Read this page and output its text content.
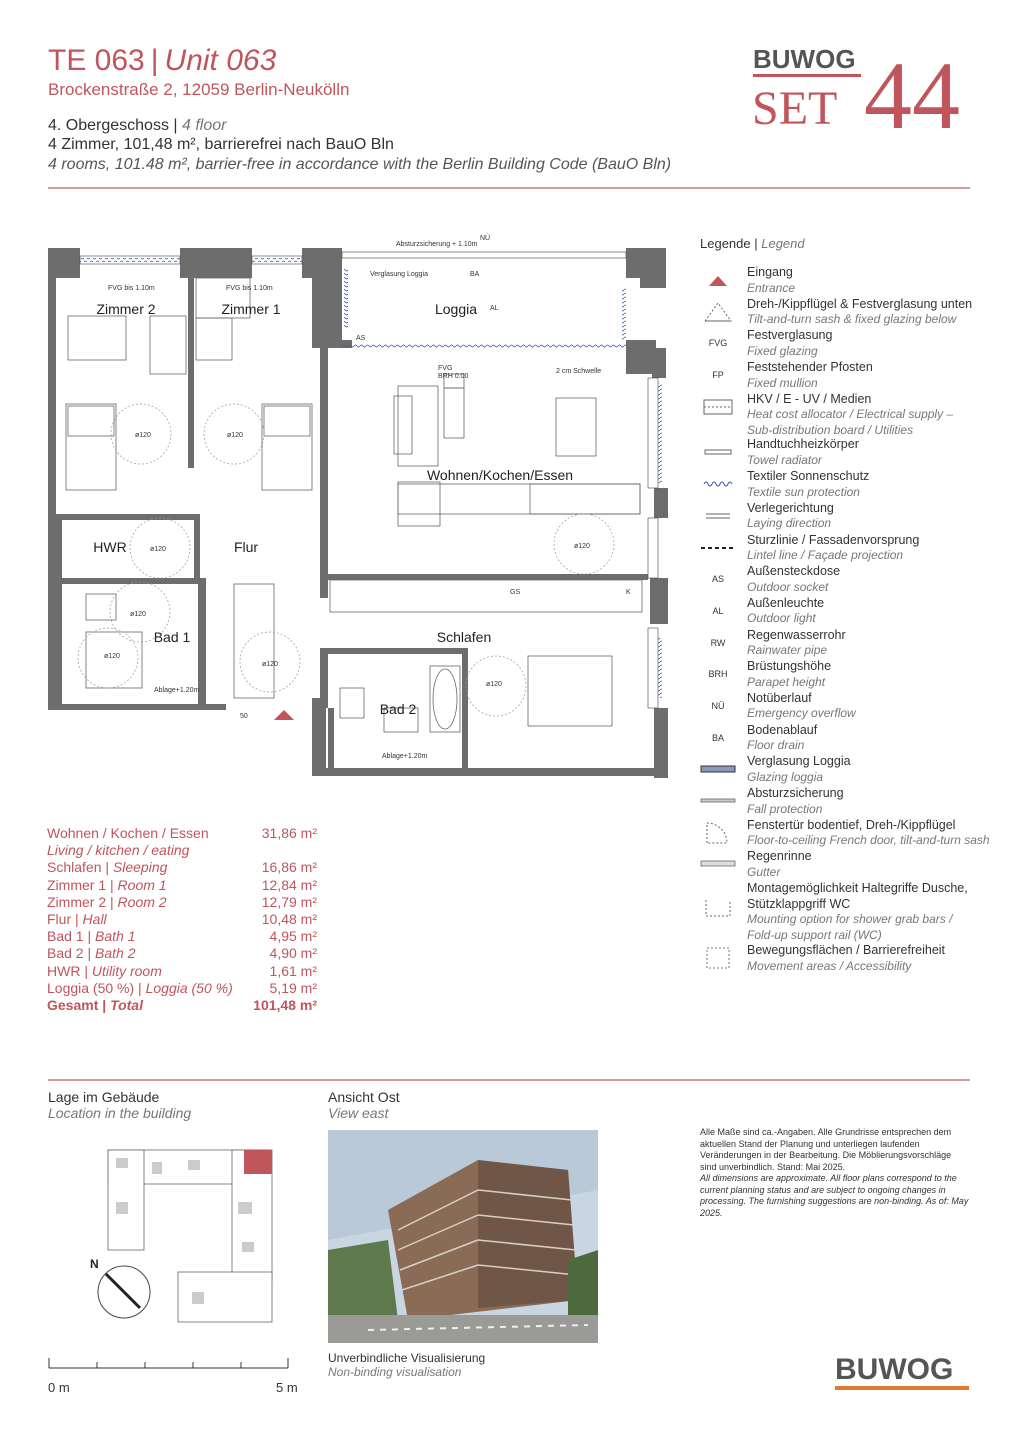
TE 063 | Unit 063
Brockenstraße 2, 12059 Berlin-Neukölln
4. Obergeschoss | 4 floor
4 Zimmer, 101,48 m², barrierefrei nach BauO Bln
4 rooms, 101.48 m², barrier-free in accordance with the Berlin Building Code (BauO Bln)
BUWOG
SET 44
Zimmer 2	Zimmer 1	Loggia
Wohnen/Kochen/Essen
HWR	Flur
Bad 1	Schlafen
Bad 2
FVG bis 1.10m	FVG bis 1.10m
FVG
BRH 0.00
Absturzsicherung + 1.10m
NÜ
Verglasung Loggia	BA
AL
AS
2 cm Schwelle
ø120	ø120
ø120
ø120
ø120
ø120
ø120
ø120
Ablage+1.20m
Ablage+1.20m
GS	K
50
Legende | Legend
Eingang
Entrance
Dreh-/Kippflügel & Festverglasung unten
Tilt-and-turn sash & fixed glazing below
FVG
Festverglasung
Fixed glazing
FP
Feststehender Pfosten
Fixed mullion
HKV / E - UV / Medien
Heat cost allocator / Electrical supply –
Sub-distribution board / Utilities
Handtuchheizkörper
Towel radiator
Textiler Sonnenschutz
Textile sun protection
Verlegerichtung
Laying direction
Sturzlinie / Fassadenvorsprung
Lintel line / Façade projection
AS
Außensteckdose
Outdoor socket
AL
Außenleuchte
Outdoor light
RW
Regenwasserrohr
Rainwater pipe
BRH
Brüstungshöhe
Parapet height
NÜ
Notüberlauf
Emergency overflow
BA
Bodenablauf
Floor drain
Verglasung Loggia
Glazing loggia
Absturzsicherung
Fall protection
Fenstertür bodentief, Dreh-/Kippflügel
Floor-to-ceiling French door, tilt-and-turn sash
Regenrinne
Gutter
Montagemöglichkeit Haltegriffe Dusche,
Stützklappgriff WC
Mounting option for shower grab bars /
Fold-up support rail (WC)
Bewegungsflächen / Barrierefreiheit
Movement areas / Accessibility
Wohnen / Kochen / Essen	31,86 m²
Living / kitchen / eating
Schlafen | Sleeping	16,86 m²
Zimmer 1 | Room 1	12,84 m²
Zimmer 2 | Room 2	12,79 m²
Flur | Hall	10,48 m²
Bad 1 | Bath 1	4,95 m²
Bad 2 | Bath 2	4,90 m²
HWR | Utility room	1,61 m²
Loggia (50 %) | Loggia (50 %)	5,19 m²
Gesamt | Total	101,48 m²
Lage im Gebäude
Location in the building
N
Ansicht Ost
View east
Unverbindliche Visualisierung
Non-binding visualisation
0 m	5 m
Alle Maße sind ca.-Angaben. Alle Grundrisse entsprechen dem aktuellen Stand der Planung und unterliegen laufenden Veränderungen in der Bearbeitung. Die Möblierungsvorschläge sind unverbindlich. Stand: Mai 2025.
All dimensions are approximate. All floor plans correspond to the current planning status and are subject to ongoing changes in processing. The furnishing suggestions are non-binding. As of: May 2025.
BUWOG
